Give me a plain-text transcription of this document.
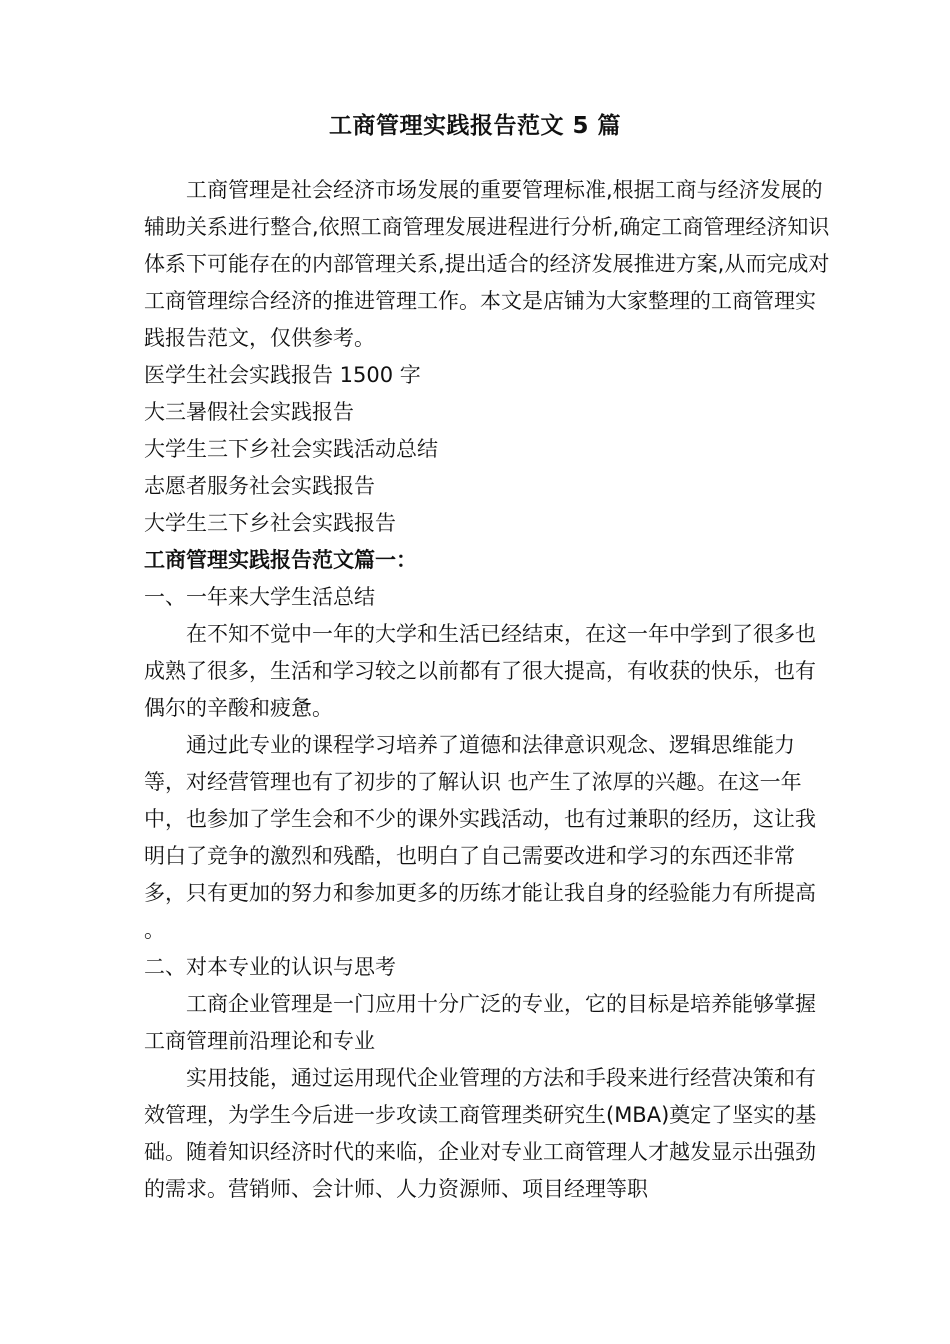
工商管理实践报告范文 5 篇

工商管理是社会经济市场发展的重要管理标准,根据工商与经济发展的辅助关系进行整合,依照工商管理发展进程进行分析,确定工商管理经济知识体系下可能存在的内部管理关系,提出适合的经济发展推进方案,从而完成对工商管理综合经济的推进管理工作。本文是店铺为大家整理的工商管理实践报告范文，仅供参考。

医学生社会实践报告 1500 字

大三暑假社会实践报告

大学生三下乡社会实践活动总结

志愿者服务社会实践报告

大学生三下乡社会实践报告

工商管理实践报告范文篇一：

一、一年来大学生活总结

在不知不觉中一年的大学和生活已经结束，在这一年中学到了很多也成熟了很多，生活和学习较之以前都有了很大提高，有收获的快乐，也有偶尔的辛酸和疲惫。

通过此专业的课程学习培养了道德和法律意识观念、逻辑思维能力等，对经营管理也有了初步的了解认识 也产生了浓厚的兴趣。在这一年中，也参加了学生会和不少的课外实践活动，也有过兼职的经历，这让我明白了竞争的激烈和残酷，也明白了自己需要改进和学习的东西还非常多，只有更加的努力和参加更多的历练才能让我自身的经验能力有所提高 。

二、对本专业的认识与思考

工商企业管理是一门应用十分广泛的专业，它的目标是培养能够掌握工商管理前沿理论和专业

实用技能，通过运用现代企业管理的方法和手段来进行经营决策和有效管理，为学生今后进一步攻读工商管理类研究生(MBA)奠定了坚实的基础。随着知识经济时代的来临，企业对专业工商管理人才越发显示出强劲的需求。营销师、会计师、人力资源师、项目经理等职
